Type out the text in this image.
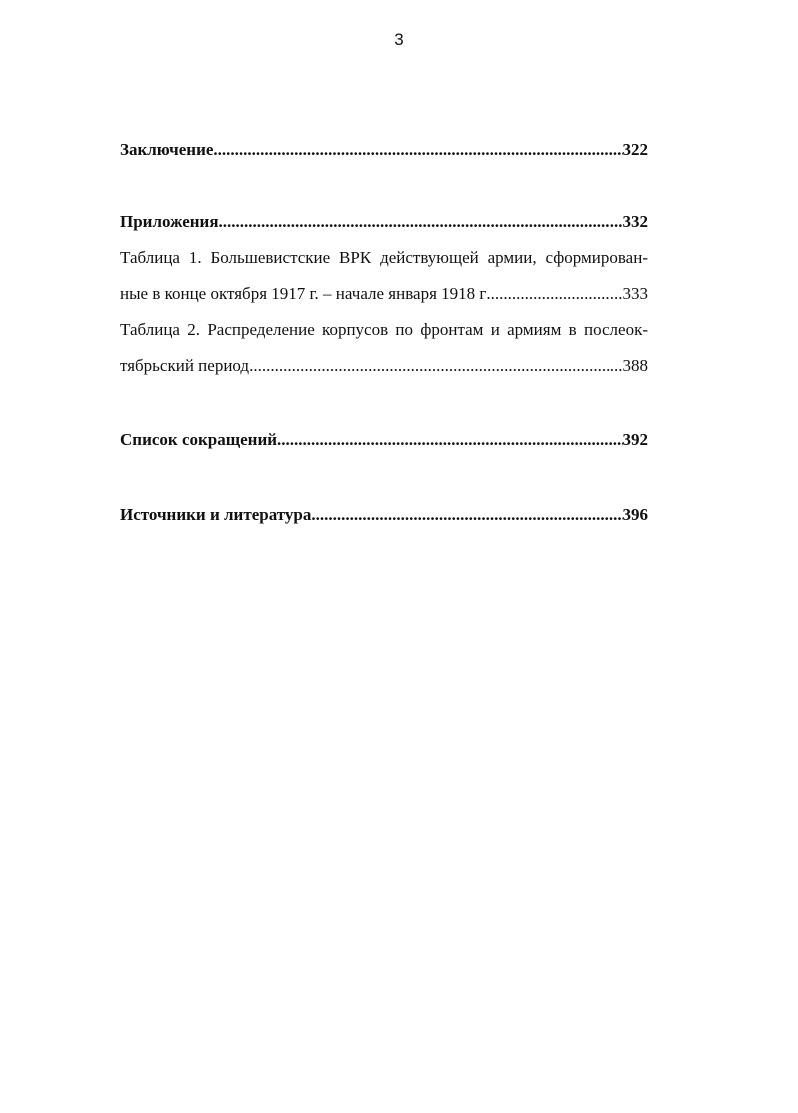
3
Заключение .....	322
Приложения .....	...332
Таблица 1. Большевистские ВРК действующей армии, сформирован-
ные в конце октября 1917 г. – начале января 1918 г .....	...333
Таблица 2. Распределение корпусов по фронтам и армиям в послеок-
тябрьский период .....	...388
Список сокращений .....	392
Источники и литература .....	396
